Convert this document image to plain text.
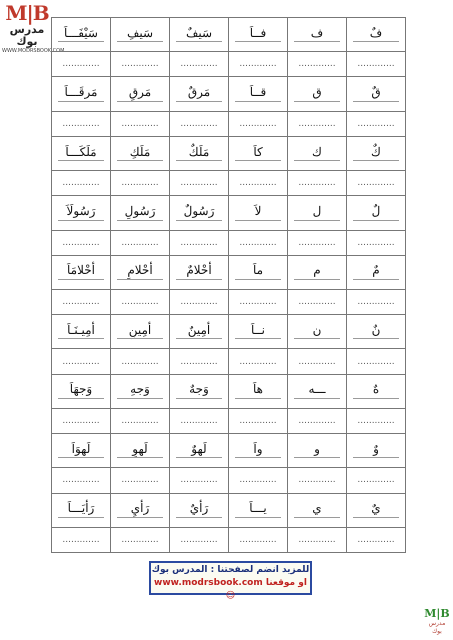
M|B
مدرس بوك
WWW.MODRSBOOK.COM
فٌ	ف	فــاَ	سَيفٌ	سَيفِ	سَيْفَـــاَ
.............	.............	.............	.............	.............	.............
قٌ	ق	قــاَ	مَرقٌ	مَرقِ	مَرقَـــاَ
.............	.............	.............	.............	.............	.............
كٌ	ك	كاَ	مَلَكٌ	مَلَكِ	مَلَكَـــاَ
.............	.............	.............	.............	.............	.............
لٌ	ل	لاَ	رَسُولٌ	رَسُولِ	رَسُولَاَ
.............	.............	.............	.............	.............	.............
مٌ	م	ماَ	أحْلامٌ	أحْلامِ	أحْلامَاَ
.............	.............	.............	.............	.............	.............
نٌ	ن	نــاَ	أمِينٌ	أمِينِ	أمِيـنَـاَ
.............	.............	.............	.............	.............	.............
هٌ	ـــه	هاَ	وَجهٌ	وَجهِ	وَجهَاَ
.............	.............	.............	.............	.............	.............
وٌ	و	واَ	لَهوٌ	لَهوِ	لَهوَاَ
.............	.............	.............	.............	.............	.............
يٌ	ي	يـــاَ	رَأيٌ	رَأيِ	رَأيَـــاَ
.............	.............	.............	.............	.............	.............
للمزيد انضم لصفحتنا : المدرس بوك
او موقعنا www.modrsbook.com ☺
M|B
مدرس بوك
